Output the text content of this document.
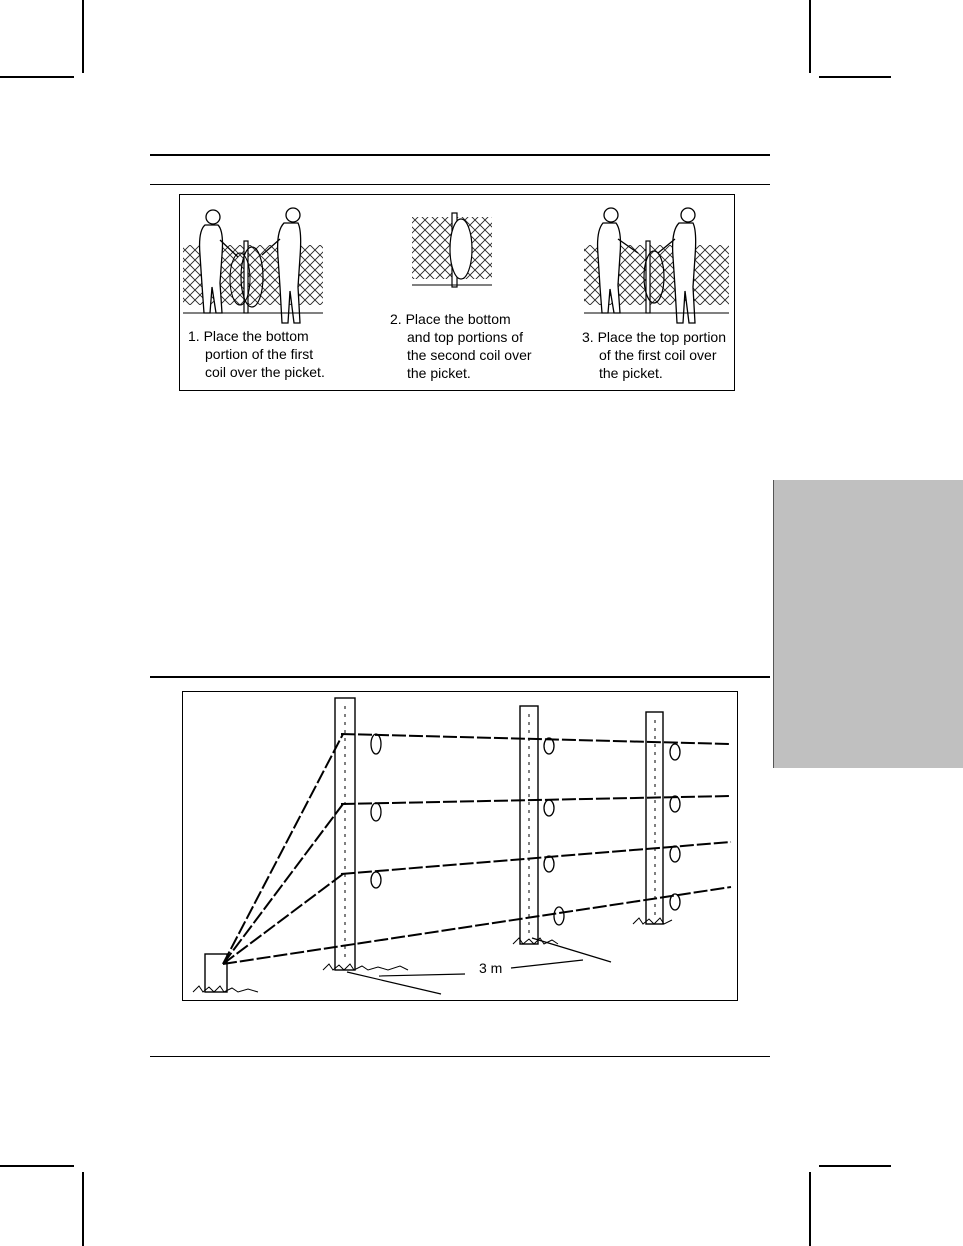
1. Place the bottom
portion of the first
coil over the picket.
2. Place the bottom
and top portions of
the second coil over
the picket.
3. Place the top portion
of the first coil over
the picket.
3 m
